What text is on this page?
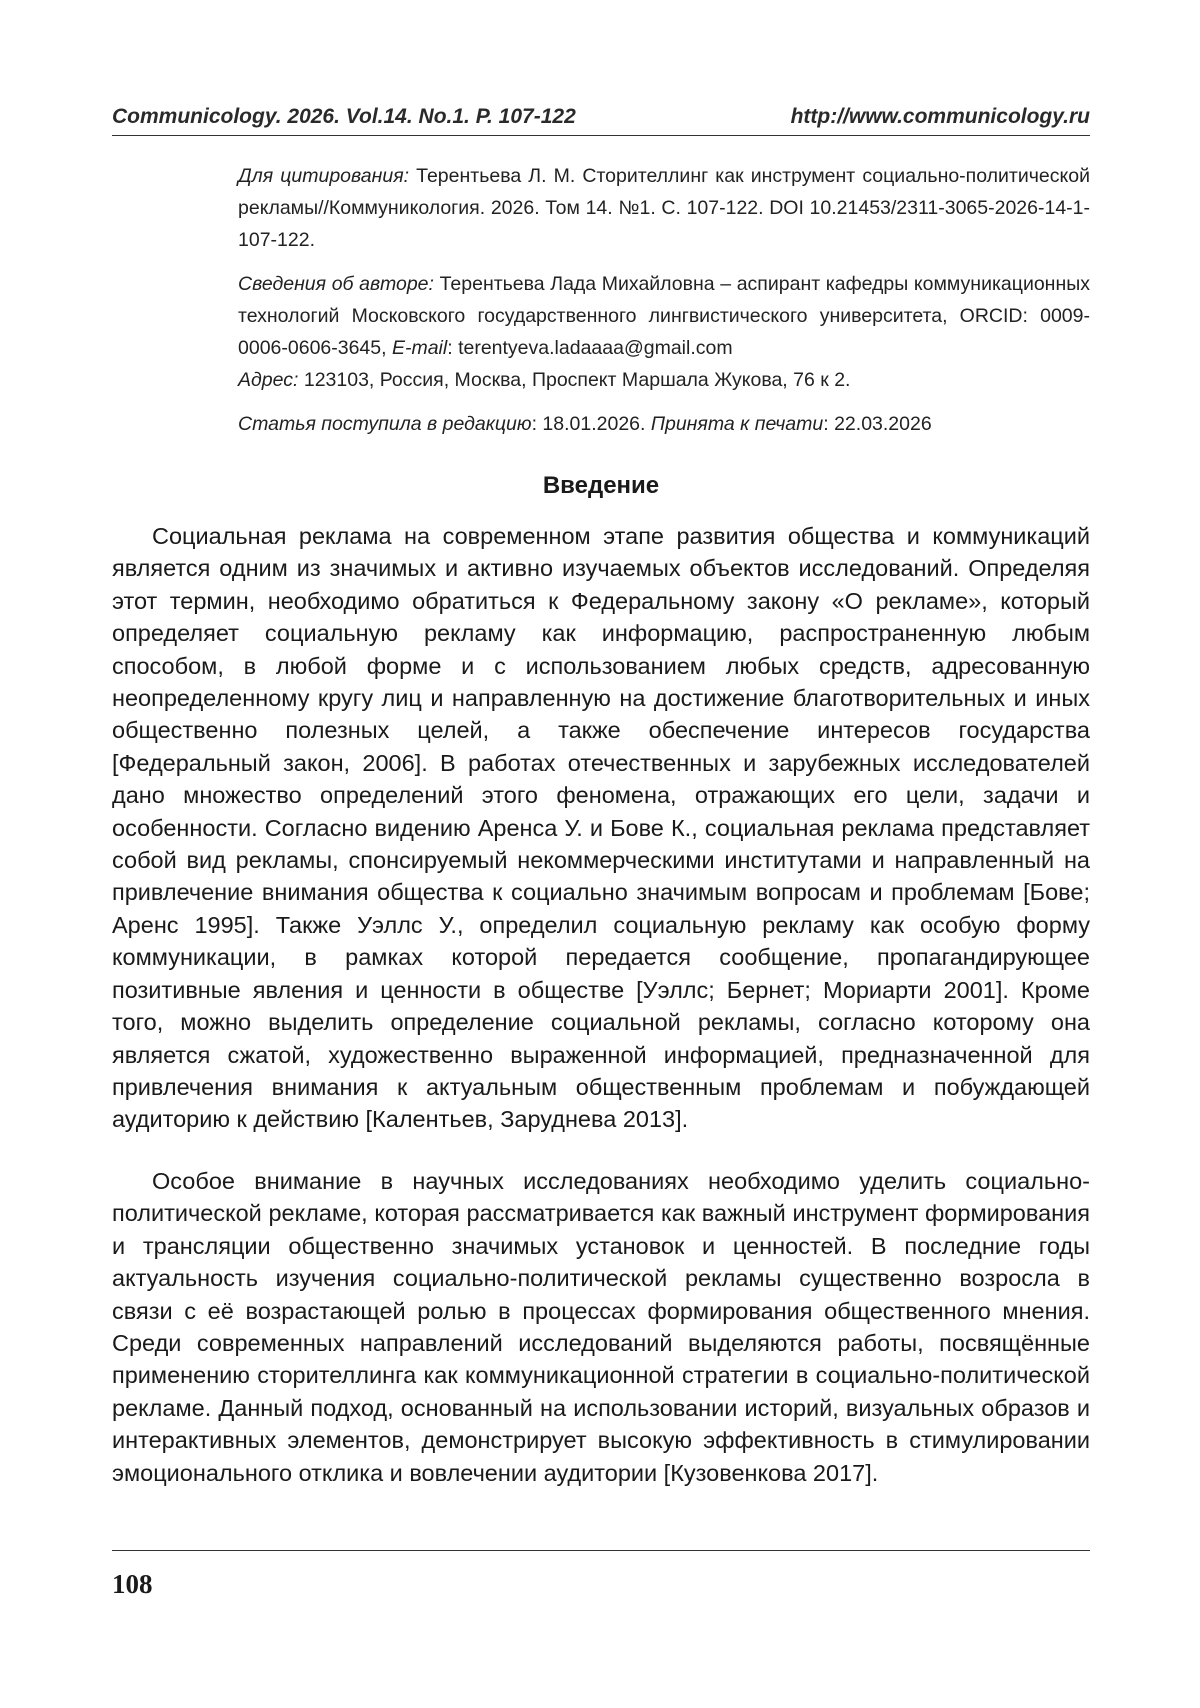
Communicology. 2026. Vol.14. No.1. P. 107-122	http://www.communicology.ru

Для цитирования: Терентьева Л. М. Сторителлинг как инструмент социально-политической рекламы//Коммуникология. 2026. Том 14. №1. С. 107-122. DOI 10.21453/2311-3065-2026-14-1-107-122.

Сведения об авторе: Терентьева Лада Михайловна – аспирант кафедры коммуникационных технологий Московского государственного лингвистического университета, ORCID: 0009-0006-0606-3645, E-mail: terentyeva.ladaaaa@gmail.com
Адрес: 123103, Россия, Москва, Проспект Маршала Жукова, 76 к 2.

Статья поступила в редакцию: 18.01.2026. Принята к печати: 22.03.2026

Введение

Социальная реклама на современном этапе развития общества и коммуникаций является одним из значимых и активно изучаемых объектов исследований. Определяя этот термин, необходимо обратиться к Федеральному закону «О рекламе», который определяет социальную рекламу как информацию, распространенную любым способом, в любой форме и с использованием любых средств, адресованную неопределенному кругу лиц и направленную на достижение благотворительных и иных общественно полезных целей, а также обеспечение интересов государства [Федеральный закон, 2006]. В работах отечественных и зарубежных исследователей дано множество определений этого феномена, отражающих его цели, задачи и особенности. Согласно видению Аренса У. и Бове К., социальная реклама представляет собой вид рекламы, спонсируемый некоммерческими институтами и направленный на привлечение внимания общества к социально значимым вопросам и проблемам [Бове; Аренс 1995]. Также Уэллс У., определил социальную рекламу как особую форму коммуникации, в рамках которой передается сообщение, пропагандирующее позитивные явления и ценности в обществе [Уэллс; Бернет; Мориарти 2001]. Кроме того, можно выделить определение социальной рекламы, согласно которому она является сжатой, художественно выраженной информацией, предназначенной для привлечения внимания к актуальным общественным проблемам и побуждающей аудиторию к действию [Калентьев, Заруднева 2013].

Особое внимание в научных исследованиях необходимо уделить социально-политической рекламе, которая рассматривается как важный инструмент формирования и трансляции общественно значимых установок и ценностей. В последние годы актуальность изучения социально-политической рекламы существенно возросла в связи с её возрастающей ролью в процессах формирования общественного мнения. Среди современных направлений исследований выделяются работы, посвящённые применению сторителлинга как коммуникационной стратегии в социально-политической рекламе. Данный подход, основанный на использовании историй, визуальных образов и интерактивных элементов, демонстрирует высокую эффективность в стимулировании эмоционального отклика и вовлечении аудитории [Кузовенкова 2017].

108
